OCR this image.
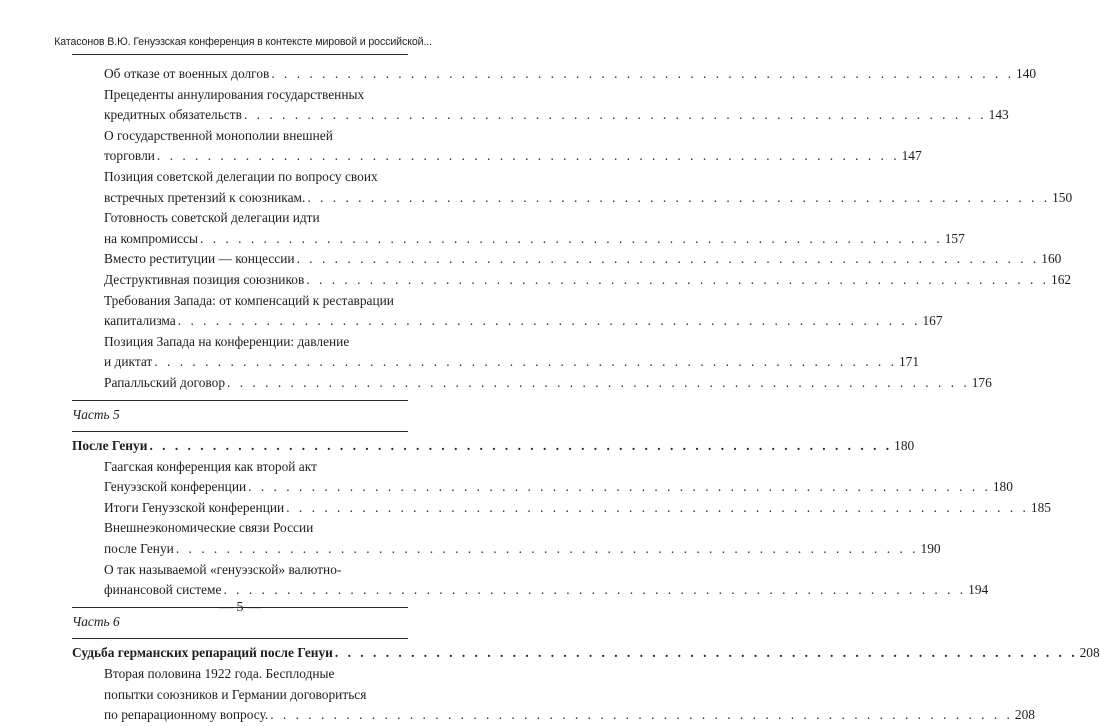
Катасонов В.Ю. Генуэзская конференция в контексте мировой и российской...
Об отказе от военных долгов . . .	140
Прецеденты аннулирования государственных
кредитных обязательств . . .	143
О государственной монополии внешней
торговли . . .	147
Позиция советской делегации по вопросу своих
встречных претензий к союзникам. . . .	150
Готовность советской делегации идти
на компромиссы . . .	157
Вместо реституции — концессии . . .	160
Деструктивная позиция союзников . . .	162
Требования Запада: от компенсаций к реставрации
капитализма . . .	167
Позиция Запада на конференции: давление
и диктат . . .	171
Рапалльский договор . . .	176
Часть 5
После Генуи . . .	180
Гаагская конференция как второй акт
Генуэзской конференции . . .	180
Итоги Генуэзской конференции . . .	185
Внешнеэкономические связи России
после Генуи . . .	190
О так называемой «генуэзской» валютно-
финансовой системе . . .	194
Часть 6
Судьба германских репараций после Генуи . . .	208
Вторая половина 1922 года. Бесплодные
попытки союзников и Германии договориться
по репарационному вопросу. . . .	208
— 5 —
